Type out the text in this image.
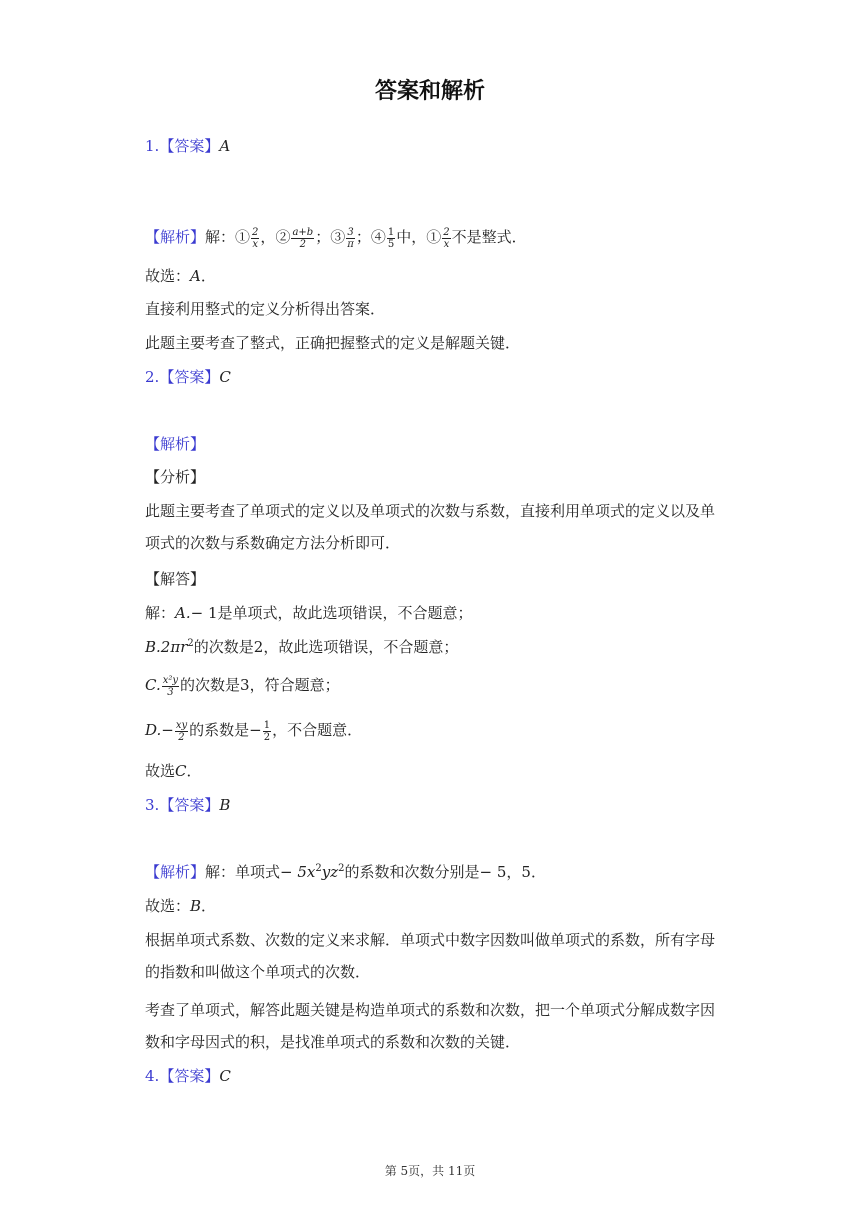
答案和解析
1.【答案】A
【解析】解：① $\frac{2}{x}$ ，② $\frac{a+b}{2}$ ；③ $\frac{3}{\pi}$ ；④ $\frac{1}{5}$ 中，① $\frac{2}{x}$ 不是整式．
故选：A．
直接利用整式的定义分析得出答案．
此题主要考查了整式，正确把握整式的定义是解题关键．
2.【答案】C
【解析】
【分析】
此题主要考查了单项式的定义以及单项式的次数与系数，直接利用单项式的定义以及单项式的次数与系数确定方法分析即可．
【解答】
解：A.− 1是单项式，故此选项错误，不合题意；
$B.2\pi r^2$的次数是2，故此选项错误，不合题意；
C. $\frac{\text{x²y}}{3}$ 的次数是3，符合题意；
$D.- \frac{xy}{2}$ 的系数是− $\frac{1}{2}$ ，不合题意．
故选C．
3.【答案】B
【解析】解：单项式− $5x^2yz^2$的系数和次数分别是− 5，5．
故选：B．
根据单项式系数、次数的定义来求解．单项式中数字因数叫做单项式的系数，所有字母的指数和叫做这个单项式的次数．
考查了单项式，解答此题关键是构造单项式的系数和次数，把一个单项式分解成数字因数和字母因式的积，是找准单项式的系数和次数的关键．
4.【答案】C
第 5页，共 11页
